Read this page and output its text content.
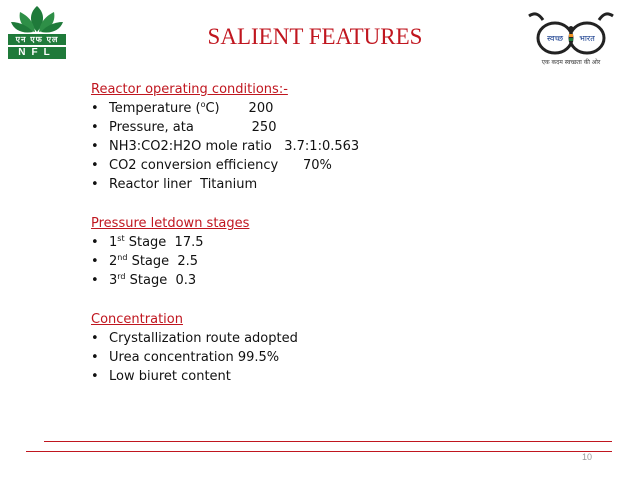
एन एफ एल
NFL
SALIENT FEATURES	स्वच्छ भारत
एक कदम स्वच्छता की ओर
Reactor operating conditions:-
• Temperature ($^o$C)       200
• Pressure, ata              250
• NH3:CO2:H2O mole ratio   3.7:1:0.563
• CO2 conversion efficiency      70%
• Reactor liner  Titanium
Pressure letdown stages
• 1st Stage  17.5
• 2nd Stage  2.5
• 3rd Stage  0.3
Concentration
• Crystallization route adopted
• Urea concentration 99.5%
• Low biuret content
10
